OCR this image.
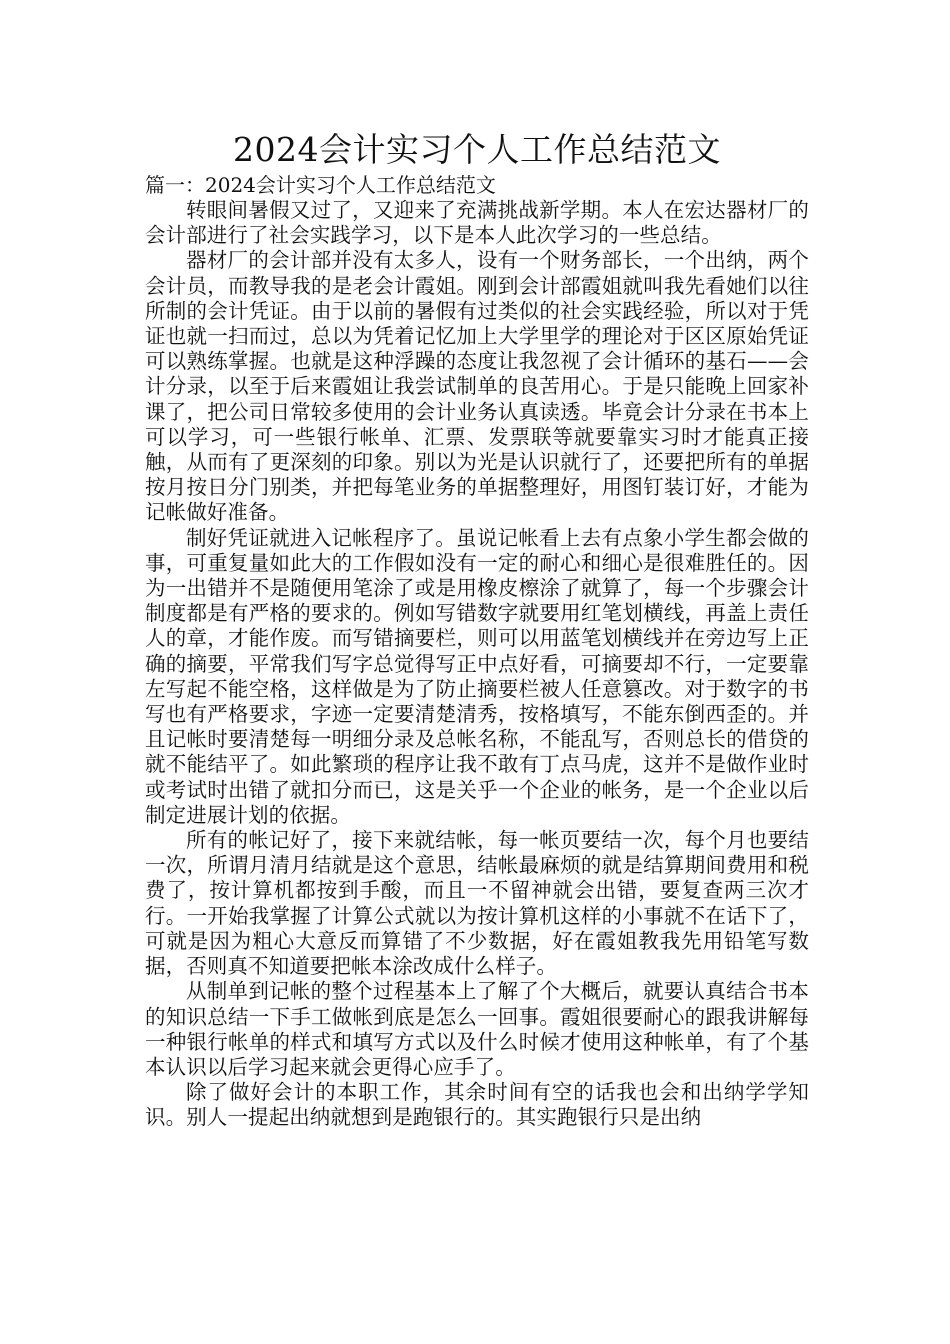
2024会计实习个人工作总结范文

篇一：2024会计实习个人工作总结范文

转眼间暑假又过了，又迎来了充满挑战新学期。本人在宏达器材厂的会计部进行了社会实践学习，以下是本人此次学习的一些总结。

器材厂的会计部并没有太多人，设有一个财务部长，一个出纳，两个会计员，而教导我的是老会计霞姐。刚到会计部霞姐就叫我先看她们以往所制的会计凭证。由于以前的暑假有过类似的社会实践经验，所以对于凭证也就一扫而过，总以为凭着记忆加上大学里学的理论对于区区原始凭证可以熟练掌握。也就是这种浮躁的态度让我忽视了会计循环的基石——会计分录，以至于后来霞姐让我尝试制单的良苦用心。于是只能晚上回家补课了，把公司日常较多使用的会计业务认真读透。毕竟会计分录在书本上可以学习，可一些银行帐单、汇票、发票联等就要靠实习时才能真正接触，从而有了更深刻的印象。别以为光是认识就行了，还要把所有的单据按月按日分门别类，并把每笔业务的单据整理好，用图钉装订好，才能为记帐做好准备。

制好凭证就进入记帐程序了。虽说记帐看上去有点象小学生都会做的事，可重复量如此大的工作假如没有一定的耐心和细心是很难胜任的。因为一出错并不是随便用笔涂了或是用橡皮檫涂了就算了，每一个步骤会计制度都是有严格的要求的。例如写错数字就要用红笔划横线，再盖上责任人的章，才能作废。而写错摘要栏，则可以用蓝笔划横线并在旁边写上正确的摘要，平常我们写字总觉得写正中点好看，可摘要却不行，一定要靠左写起不能空格，这样做是为了防止摘要栏被人任意篡改。对于数字的书写也有严格要求，字迹一定要清楚清秀，按格填写，不能东倒西歪的。并且记帐时要清楚每一明细分录及总帐名称，不能乱写，否则总长的借贷的就不能结平了。如此繁琐的程序让我不敢有丁点马虎，这并不是做作业时或考试时出错了就扣分而已，这是关乎一个企业的帐务，是一个企业以后制定进展计划的依据。

所有的帐记好了，接下来就结帐，每一帐页要结一次，每个月也要结一次，所谓月清月结就是这个意思，结帐最麻烦的就是结算期间费用和税费了，按计算机都按到手酸，而且一不留神就会出错，要复查两三次才行。一开始我掌握了计算公式就以为按计算机这样的小事就不在话下了，可就是因为粗心大意反而算错了不少数据，好在霞姐教我先用铅笔写数据，否则真不知道要把帐本涂改成什么样子。

从制单到记帐的整个过程基本上了解了个大概后，就要认真结合书本的知识总结一下手工做帐到底是怎么一回事。霞姐很要耐心的跟我讲解每一种银行帐单的样式和填写方式以及什么时候才使用这种帐单，有了个基本认识以后学习起来就会更得心应手了。

除了做好会计的本职工作，其余时间有空的话我也会和出纳学学知识。别人一提起出纳就想到是跑银行的。其实跑银行只是出纳
